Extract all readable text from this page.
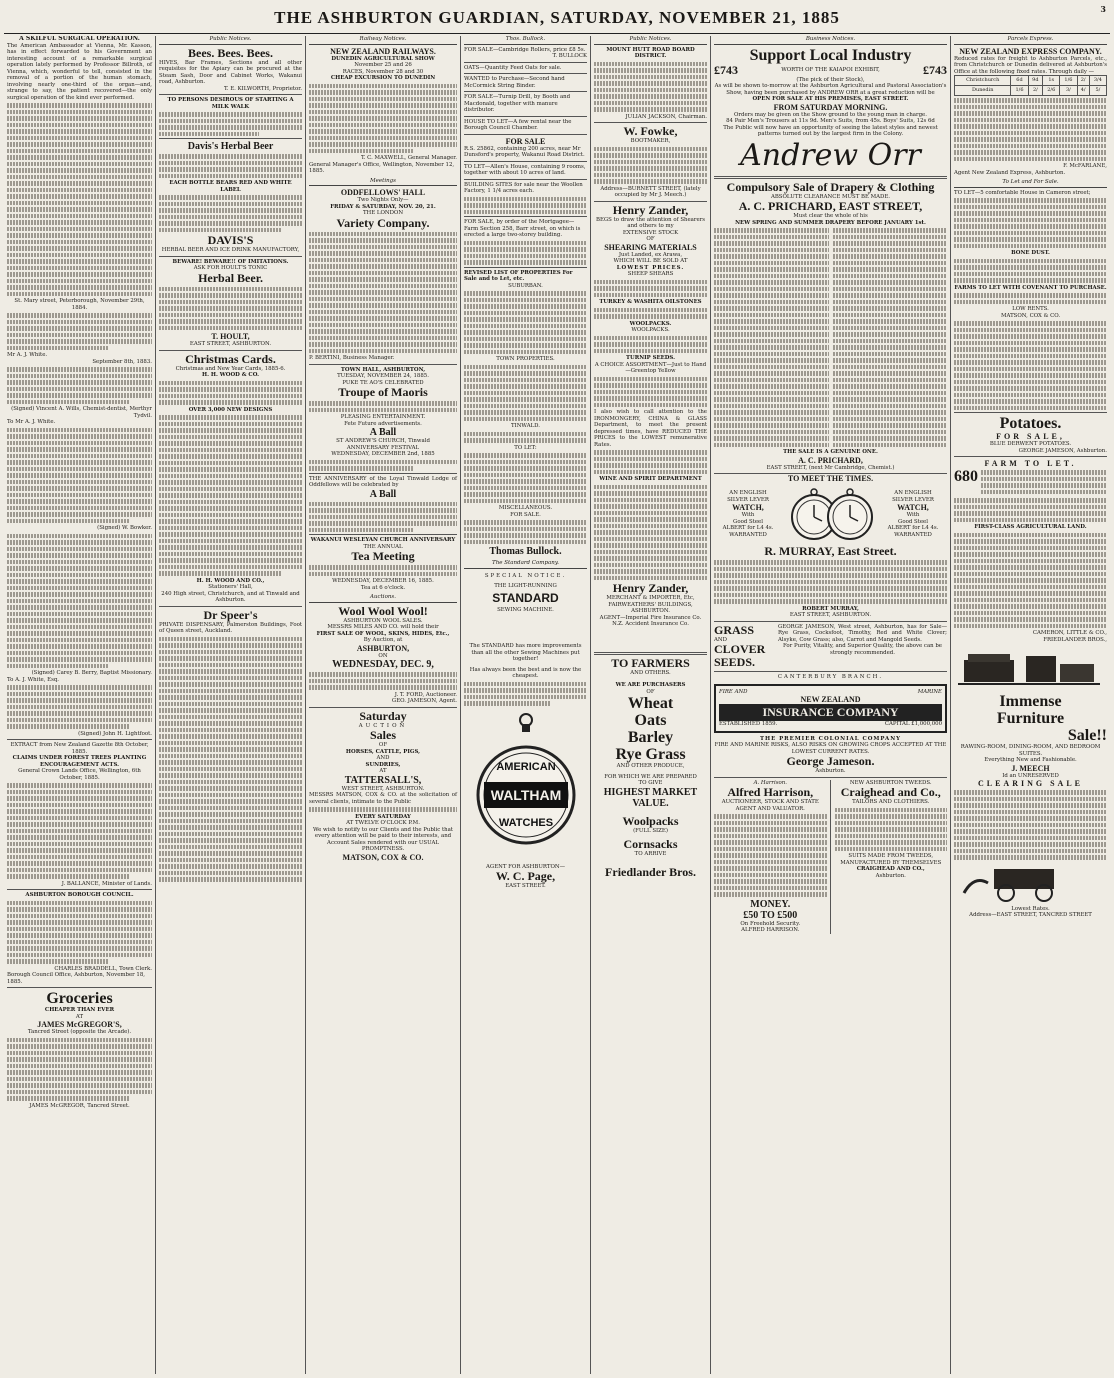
THE ASHBURTON GUARDIAN, SATURDAY, NOVEMBER 21, 1885	3
A SKILFUL SURGICAL OPERATION.
The American Ambassador at Vienna, Mr. Kasson, has in effect forwarded to his Government an interesting account of a remarkable surgical operation lately performed by Professor Billroth, of Vienna, which, wonderful to tell, consisted in the removal of a portion of the human stomach, involving nearly one-third of the organ—and, strange to say, the patient recovered—the only surgical operation of the kind ever performed.
St. Mary street, Peterborough, November 29th, 1884.
Mr A. J. White.
September 8th, 1883.
(Signed) Vincent A. Wills, Chemist-dentist, Merthyr Tydvil.
To Mr A. J. White.
(Signed) W. Bowker.
(Signed) Carey B. Berry, Baptist Missionary.
To A. J. White, Esq.
(Signed) John H. Lightfoot.
EXTRACT from New Zealand Gazette 8th October, 1885.
CLAIMS UNDER FOREST TREES PLANTING ENCOURAGEMENT ACTS.
General Crown Lands Office, Wellington, 6th October, 1885.
J. BALLANCE, Minister of Lands.
ASHBURTON BOROUGH COUNCIL.
CHARLES BRADDELL, Town Clerk.
Borough Council Office, Ashburton, November 18, 1885.
Groceries
CHEAPER THAN EVER
AT
JAMES McGREGOR'S,
Tancred Street (opposite the Arcade).
JAMES McGREGOR, Tancred Street.
Public Notices.
Bees. Bees. Bees.
HIVES, Bar Frames, Sections and all other requisites for the Apiary can be procured at the Steam Sash, Door and Cabinet Works, Wakanui road, Ashburton.
T. E. KILWORTH, Proprietor.
TO PERSONS DESIROUS OF STARTING A MILK WALK
Davis's Herbal Beer
EACH BOTTLE BEARS RED AND WHITE LABEL
DAVIS'S
HERBAL BEER AND ICE DRINK MANUFACTORY,
BEWARE! BEWARE!! OF IMITATIONS.
ASK FOR HOULT'S TONIC
Herbal Beer.
T. HOULT,
EAST STREET, ASHBURTON.
Christmas Cards.
Christmas and New Year Cards, 1885-6.
H. H. WOOD & CO.
OVER 3,000 NEW DESIGNS
H. H. WOOD AND CO.,
Stationers' Hall,
240 High street, Christchurch, and at Tinwald and Ashburton.
Dr Speer's
PRIVATE DISPENSARY, Palmerston Buildings, Foot of Queen street, Auckland.
Railway Notices.
NEW ZEALAND RAILWAYS.
DUNEDIN AGRICULTURAL SHOW
November 25 and 26
RACES, November 28 and 30
CHEAP EXCURSION TO DUNEDIN
T. C. MAXWELL, General Manager.
General Manager's Office, Wellington, November 12, 1885.
Meetings
ODDFELLOWS' HALL
Two Nights Only—
FRIDAY & SATURDAY, NOV. 20, 21.
THE LONDON
Variety Company.
P. BERTINI, Business Manager.
TOWN HALL, ASHBURTON,
TUESDAY, NOVEMBER 24, 1885.
PUKE TE AO'S CELEBRATED
Troupe of Maoris
PLEASING ENTERTAINMENT.
Fete Future advertisements.
A Ball
ST ANDREW'S CHURCH, Tinwald
ANNIVERSARY FESTIVAL
WEDNESDAY, DECEMBER 2nd, 1885
THE ANNIVERSARY of the Loyal Tinwald Lodge of Oddfellows will be celebrated by
A Ball
WAKANUI WESLEYAN CHURCH ANNIVERSARY
THE ANNUAL
Tea Meeting
WEDNESDAY, DECEMBER 16, 1885.
Tea at 6 o'clock.
Auctions.
Wool Wool Wool!
ASHBURTON WOOL SALES.
MESSRS MILES AND CO. will hold their
FIRST SALE OF WOOL, SKINS, HIDES, Etc.,
By Auction, at
ASHBURTON,
ON
WEDNESDAY, DEC. 9,
J. T. FORD, Auctioneer.
GEO. JAMESON, Agent.
Saturday
AUCTION
Sales
OF
HORSES, CATTLE, PIGS,
AND
SUNDRIES,
AT
TATTERSALL'S,
WEST STREET, ASHBURTON.
MESSRS MATSON, COX & CO. at the solicitation of several clients, intimate to the Public
EVERY SATURDAY
AT TWELVE O'CLOCK P.M.
We wish to notify to our Clients and the Public that every attention will be paid to their interests, and Account Sales rendered with our USUAL PROMPTNESS.
MATSON, COX & CO.
Thos. Bullock.
FOR SALE—Cambridge Rollers, price £8 5s.
T. BULLOCK
OATS—Quantity Feed Oats for sale.
WANTED to Purchase—Second hand McCormick String Binder.
FOR SALE—Turnip Drill, by Booth and Macdonald, together with manure distributor.
HOUSE TO LET—A few rental near the Borough Council Chamber.
FOR SALE
R.S. 25862, containing 200 acres, near Mr Dunsford's property, Wakanui Road District.
TO LET—Allen's House, containing 9 rooms, together with about 10 acres of land.
BUILDING SITES for sale near the Woollen Factory, 1 1/4 acres each.
FOR SALE, by order of the Mortgagee—Farm Section 258, Barr street, on which is erected a large two-storey building.
REVISED LIST OF PROPERTIES For Sale and to Let, etc.
SUBURBAN.
TOWN PROPERTIES.
TINWALD.
TO LET:
MISCELLANEOUS.
FOR SALE.
Thomas Bullock.
The Standard Company.
SPECIAL NOTICE.
THE LIGHT-RUNNING
STANDARD
SEWING MACHINE.
The STANDARD has more improvements than all the other Sewing Machines put together!
Has always been the best and is now the cheapest.
AMERICAN
WALTHAM
WATCHES
AGENT FOR ASHBURTON—
W. C. Page,
EAST STREET.
Public Notices.
MOUNT HUTT ROAD BOARD DISTRICT.
JULIAN JACKSON, Chairman.
W. Fowke,
BOOTMAKER,
Address—BURNETT STREET, (lately occupied by Mr J. Meech.)
Henry Zander,
BEGS to draw the attention of Shearers and others to my
EXTENSIVE STOCK
OF
SHEARING MATERIALS
Just Landed, ex Arawa,
WHICH WILL BE SOLD AT
LOWEST PRICES.
SHEEP SHEARS
TURKEY & WASHITA OILSTONES
WOOLPACKS.
WOOLPACKS.
TURNIP SEEDS.
A CHOICE ASSORTMENT—Just to Hand—Greentop Yellow
I also wish to call attention to the IRONMONGERY, CHINA & GLASS Department, to meet the present depressed times, have REDUCED THE PRICES to the LOWEST remunerative Rates.
WINE AND SPIRIT DEPARTMENT
Henry Zander,
MERCHANT & IMPORTER, Etc,
FAIRWEATHERS' BUILDINGS, ASHBURTON.
AGENT—Imperial Fire Insurance Co. N.Z. Accident Insurance Co.
TO FARMERS
AND OTHERS.
WE ARE PURCHASERS
OF
Wheat
Oats
Barley
Rye Grass
AND OTHER PRODUCE,
FOR WHICH WE ARE PREPARED
TO GIVE
HIGHEST MARKET
VALUE.
Woolpacks
(FULL SIZE)
Cornsacks
TO ARRIVE
Friedlander Bros.
Business Notices.
Support Local Industry
£743	WORTH OF THE KAIAPOI EXHIBIT,	£743
(The pick of their Stock),
As will be shown to-morrow at the Ashburton Agricultural and Pastoral Association's Show, having been purchased by ANDREW ORR at a great reduction will be
OPEN FOR SALE AT HIS PREMISES, EAST STREET.
FROM SATURDAY MORNING.
Orders may be given on the Show ground to the young man in charge.
84 Pair Men's Trousers at 11s 9d. Men's Suits, from 45s. Boys' Suits, 12s 6d
The Public will now have an opportunity of seeing the latest styles and newest patterns turned out by the largest firm in the Colony.
Andrew Orr
Compulsory Sale of Drapery & Clothing
ABSOLUTE CLEARANCE MUST BE MADE.
A. C. PRICHARD, EAST STREET,
Must clear the whole of his
NEW SPRING AND SUMMER DRAPERY BEFORE JANUARY 1st.
THE SALE IS A GENUINE ONE.
A. C. PRICHARD,
EAST STREET, (next Mr Cambridge, Chemist.)
TO MEET THE TIMES.
AN ENGLISH
SILVER LEVER
WATCH,
With
Good Steel
ALBERT for L4 4s.
WARRANTED
AN ENGLISH
SILVER LEVER
WATCH,
With
Good Steel
ALBERT for L4 4s.
WARRANTED
R. MURRAY, East Street.
ROBERT MURRAY,
EAST STREET, ASHBURTON.
GRASS
AND
CLOVER
SEEDS.
GEORGE JAMESON, West street, Ashburton, has for Sale—Rye Grass, Cocksfoot, Timothy, Red and White Clover; Alsyke, Cow Grass; also, Carrot and Mangold Seeds.
For Purity, Vitality, and Superior Quality, the above can be strongly recommended.
CANTERBURY BRANCH.
FIRE AND	MARINE
NEW ZEALAND
INSURANCE COMPANY
ESTABLISHED 1859.	CAPITAL £1,000,000
THE PREMIER COLONIAL COMPANY
FIRE AND MARINE RISKS, ALSO RISKS ON GROWING CROPS ACCEPTED AT THE LOWEST CURRENT RATES.
George Jameson.
Ashburton.
A. Harrison.
Alfred Harrison,
AUCTIONEER, STOCK AND STATE AGENT AND VALUATOR.
MONEY.
£50 TO £500
On Freehold Security.
ALFRED HARRISON.
NEW ASHBURTON TWEEDS.
Craighead and Co.,
TAILORS AND CLOTHIERS.
SUITS MADE FROM TWEEDS,
MANUFACTURED BY THEMSELVES
CRAIGHEAD AND CO.,
Ashburton.
Parcels Express.
NEW ZEALAND EXPRESS COMPANY.
Reduced rates for freight to Ashburton Parcels, etc., from Christchurch or Dunedin delivered at Ashburton's Office at the following fixed rates. Through daily —
Christchurch	6d	9d	1s	1/6	2/	3/4
Dunedin	1/6	2/	2/6	3/	4/	5/
F. McFARLANE,
Agent New Zealand Express, Ashburton.
To Let and For Sale.
TO LET—5 comfortable House in Cameron street;
BONE DUST.
FARMS TO LET WITH COVENANT TO PURCHASE.
LOW RENTS.
MATSON, COX & CO.
Potatoes.
FOR SALE,
BLUE DERWENT POTATOES.
GEORGE JAMESON, Ashburton.
FARM TO LET.
680
FIRST-CLASS AGRICULTURAL LAND.
CAMERON, LITTLE & CO.,
FRIEDLANDER BROS.,
Immense
Furniture
Sale!!
RAWING-ROOM, DINING-ROOM, AND BEDROOM SUITES.
Everything New and Fashionable.
J. MEECH
Id an UNRESERVED
CLEARING SALE
Lowest Rates.
Address—EAST STREET, TANCRED STREET
